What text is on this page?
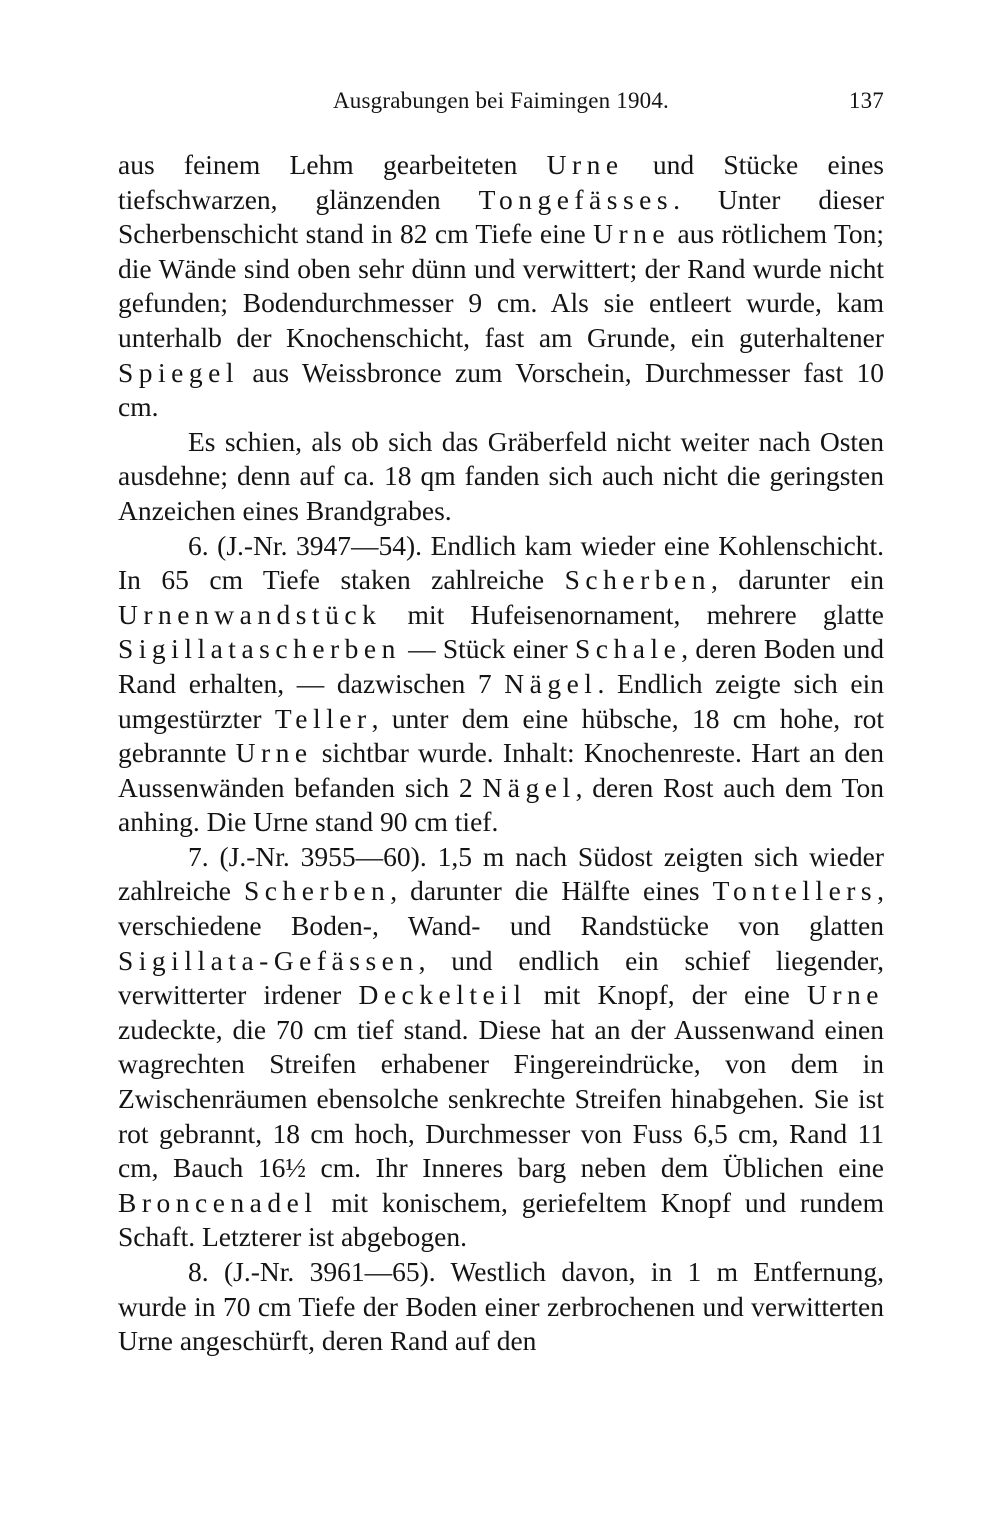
Ausgrabungen bei Faimingen 1904.	137

aus feinem Lehm gearbeiteten Urne und Stücke eines tiefschwarzen, glänzenden Tongefässes. Unter dieser Scherbenschicht stand in 82 cm Tiefe eine Urne aus rötlichem Ton; die Wände sind oben sehr dünn und verwittert; der Rand wurde nicht gefunden; Bodendurchmesser 9 cm. Als sie entleert wurde, kam unterhalb der Knochenschicht, fast am Grunde, ein guterhaltener Spiegel aus Weissbronce zum Vorschein, Durchmesser fast 10 cm.

Es schien, als ob sich das Gräberfeld nicht weiter nach Osten ausdehne; denn auf ca. 18 qm fanden sich auch nicht die geringsten Anzeichen eines Brandgrabes.

6. (J.-Nr. 3947—54). Endlich kam wieder eine Kohlenschicht. In 65 cm Tiefe staken zahlreiche Scherben, darunter ein Urnenwandstück mit Hufeisenornament, mehrere glatte Sigillatascherben — Stück einer Schale, deren Boden und Rand erhalten, — dazwischen 7 Nägel. Endlich zeigte sich ein umgestürzter Teller, unter dem eine hübsche, 18 cm hohe, rot gebrannte Urne sichtbar wurde. Inhalt: Knochenreste. Hart an den Aussenwänden befanden sich 2 Nägel, deren Rost auch dem Ton anhing. Die Urne stand 90 cm tief.

7. (J.-Nr. 3955—60). 1,5 m nach Südost zeigten sich wieder zahlreiche Scherben, darunter die Hälfte eines Tontellers, verschiedene Boden-, Wand- und Randstücke von glatten Sigillata-Gefässen, und endlich ein schief liegender, verwitterter irdener Deckelteil mit Knopf, der eine Urne zudeckte, die 70 cm tief stand. Diese hat an der Aussenwand einen wagrechten Streifen erhabener Fingereindrücke, von dem in Zwischenräumen ebensolche senkrechte Streifen hinabgehen. Sie ist rot gebrannt, 18 cm hoch, Durchmesser von Fuss 6,5 cm, Rand 11 cm, Bauch 16½ cm. Ihr Inneres barg neben dem Üblichen eine Broncenadel mit konischem, geriefeltem Knopf und rundem Schaft. Letzterer ist abgebogen.

8. (J.-Nr. 3961—65). Westlich davon, in 1 m Entfernung, wurde in 70 cm Tiefe der Boden einer zerbrochenen und verwitterten Urne angeschürft, deren Rand auf den
